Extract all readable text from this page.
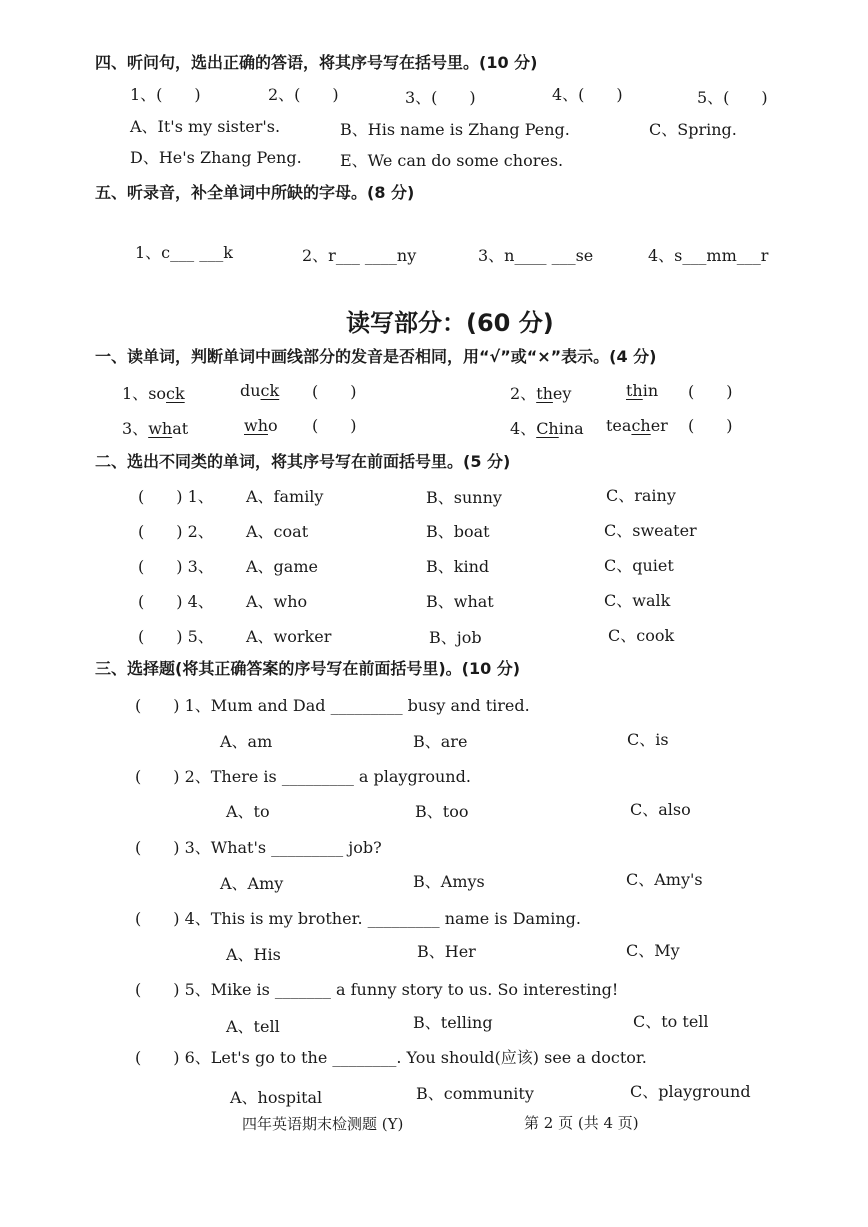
四、听问句，选出正确的答语，将其序号写在括号里。(10 分)
1、(　　)	2、(　　)	3、(　　)	4、(　　)	5、(　　)
A、It's my sister's.	B、His name is Zhang Peng.	C、Spring.
D、He's Zhang Peng. E、We can do some chores.
五、听录音，补全单词中所缺的字母。(8 分)
1、c___ ___k	2、r___ ____ny	3、n____ ___se	4、s___mm___r
读写部分：(60 分)
一、读单词，判断单词中画线部分的发音是否相同，用“√”或“×”表示。(4 分)
1、sock	duck (　　)	2、they	thin (　　)
3、what	who (　　)	4、China teacher (　　)
二、选出不同类的单词，将其序号写在前面括号里。(5 分)
(　　) 1、 A、family	B、sunny	C、rainy
(　　) 2、 A、coat	B、boat	C、sweater
(　　) 3、 A、game	B、kind	C、quiet
(　　) 4、 A、who	B、what	C、walk
(　　) 5、 A、worker	B、job	C、cook
三、选择题(将其正确答案的序号写在前面括号里)。(10 分)
(　　) 1、Mum and Dad _________ busy and tired.
A、am	B、are	C、is
(　　) 2、There is _________ a playground.
A、to	B、too	C、also
(　　) 3、What's _________ job?
A、Amy	B、Amys	C、Amy's
(　　) 4、This is my brother. _________ name is Daming.
A、His	B、Her	C、My
(　　) 5、Mike is _______ a funny story to us. So interesting!
A、tell	B、telling	C、to tell
(　　) 6、Let's go to the ________. You should(应该) see a doctor.
A、hospital	B、community	C、playground
四年英语期末检测题 (Y)	第 2 页 (共 4 页)
